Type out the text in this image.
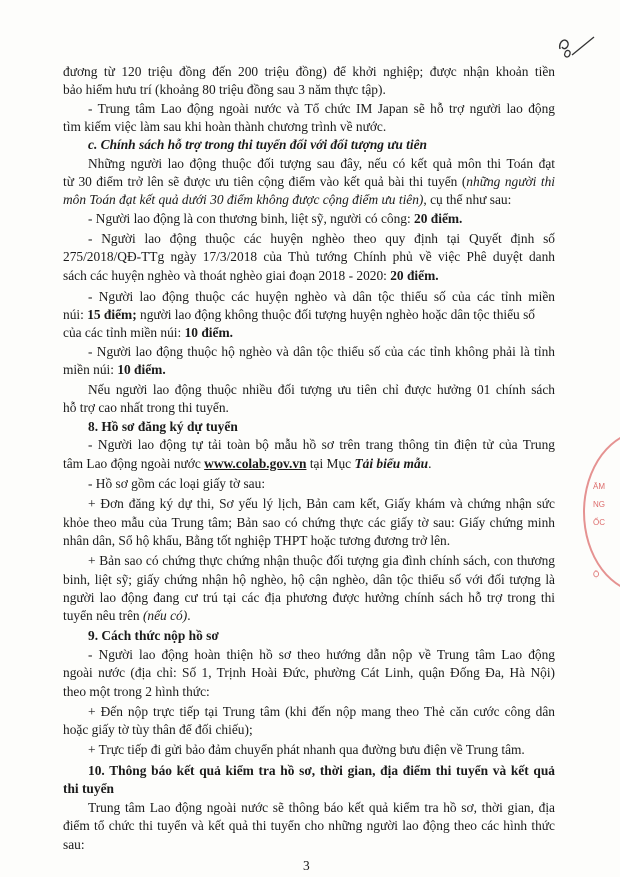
đương từ 120 triệu đồng đến 200 triệu đồng) để khởi nghiệp; được nhận khoản tiền
bảo hiểm hưu trí (khoảng 80 triệu đồng sau 3 năm thực tập).
- Trung tâm Lao động ngoài nước và Tổ chức IM Japan sẽ hỗ trợ người lao động
tìm kiếm việc làm sau khi hoàn thành chương trình về nước.
c. Chính sách hỗ trợ trong thi tuyển đối với đối tượng ưu tiên
Những người lao động thuộc đối tượng sau đây, nếu có kết quả môn thi Toán đạt
từ 30 điểm trở lên sẽ được ưu tiên cộng điểm vào kết quả bài thi tuyển (những người thi
môn Toán đạt kết quả dưới 30 điểm không được cộng điểm ưu tiên), cụ thể như sau:
- Người lao động là con thương binh, liệt sỹ, người có công: 20 điểm.
- Người lao động thuộc các huyện nghèo theo quy định tại Quyết định số
275/2018/QĐ-TTg ngày 17/3/2018 của Thủ tướng Chính phủ về việc Phê duyệt danh
sách các huyện nghèo và thoát nghèo giai đoạn 2018 - 2020: 20 điểm.
- Người lao động thuộc các huyện nghèo và dân tộc thiểu số của các tỉnh miền
núi: 15 điểm; người lao động không thuộc đối tượng huyện nghèo hoặc dân tộc thiểu số
của các tỉnh miền núi: 10 điểm.
- Người lao động thuộc hộ nghèo và dân tộc thiểu số của các tỉnh không phải là tỉnh
miền núi: 10 điểm.
Nếu người lao động thuộc nhiều đối tượng ưu tiên chỉ được hưởng 01 chính sách
hỗ trợ cao nhất trong thi tuyển.
8. Hồ sơ đăng ký dự tuyển
- Người lao động tự tải toàn bộ mẫu hồ sơ trên trang thông tin điện tử của Trung
tâm Lao động ngoài nước www.colab.gov.vn tại Mục Tải biểu mẫu.
- Hồ sơ gồm các loại giấy tờ sau:
+ Đơn đăng ký dự thi, Sơ yếu lý lịch, Bản cam kết, Giấy khám và chứng nhận sức
khỏe theo mẫu của Trung tâm; Bản sao có chứng thực các giấy tờ sau: Giấy chứng minh
nhân dân, Sổ hộ khẩu, Bằng tốt nghiệp THPT hoặc tương đương trở lên.
+ Bản sao có chứng thực chứng nhận thuộc đối tượng gia đình chính sách, con thương
binh, liệt sỹ; giấy chứng nhận hộ nghèo, hộ cận nghèo, dân tộc thiểu số với đối tượng là
người lao động đang cư trú tại các địa phương được hưởng chính sách hỗ trợ trong thi
tuyển nêu trên (nếu có).
9. Cách thức nộp hồ sơ
- Người lao động hoàn thiện hồ sơ theo hướng dẫn nộp về Trung tâm Lao động
ngoài nước (địa chỉ: Số 1, Trịnh Hoài Đức, phường Cát Linh, quận Đống Đa, Hà Nội)
theo một trong 2 hình thức:
+ Đến nộp trực tiếp tại Trung tâm (khi đến nộp mang theo Thẻ căn cước công dân
hoặc giấy tờ tùy thân để đối chiếu);
+ Trực tiếp đi gửi bảo đảm chuyển phát nhanh qua đường bưu điện về Trung tâm.
10. Thông báo kết quả kiểm tra hồ sơ, thời gian, địa điểm thi tuyển và kết quả
thi tuyển
Trung tâm Lao động ngoài nước sẽ thông báo kết quả kiểm tra hồ sơ, thời gian, địa
điểm tổ chức thi tuyển và kết quả thi tuyển cho những người lao động theo các hình thức
sau:
3
ÂM
NG
ỐC
Ộ
